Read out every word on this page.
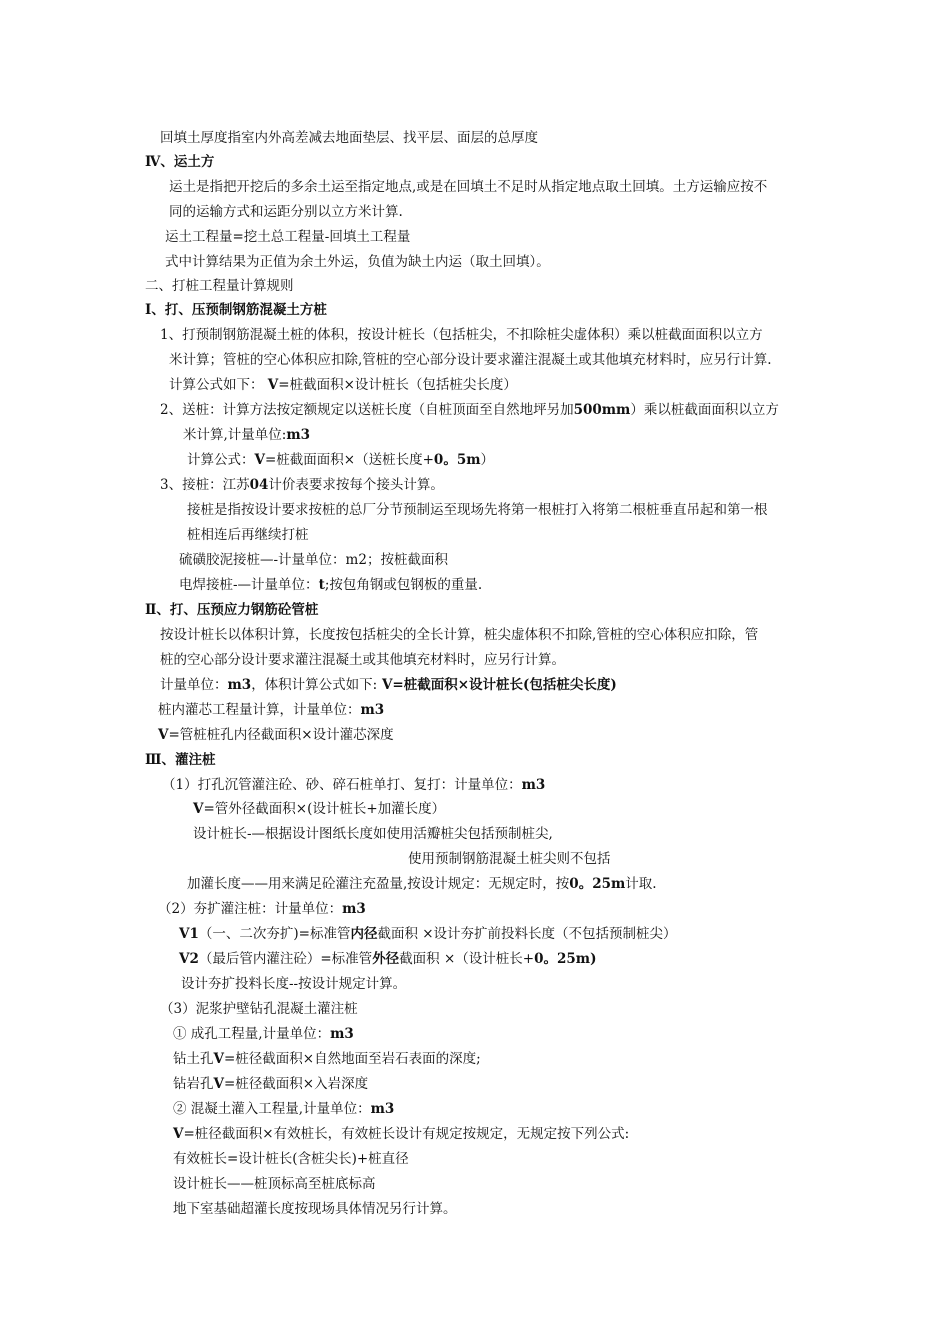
回填土厚度指室内外高差减去地面垫层、找平层、面层的总厚度
Ⅳ、运土方
运土是指把开挖后的多余土运至指定地点,或是在回填土不足时从指定地点取土回填。土方运输应按不
同的运输方式和运距分别以立方米计算.
运土工程量=挖土总工程量-回填土工程量
式中计算结果为正值为余土外运，负值为缺土内运（取土回填）。
二、打桩工程量计算规则
Ⅰ、打、压预制钢筋混凝土方桩
1、打预制钢筋混凝土桩的体积，按设计桩长（包括桩尖，不扣除桩尖虚体积）乘以桩截面面积以立方
米计算；管桩的空心体积应扣除,管桩的空心部分设计要求灌注混凝土或其他填充材料时，应另行计算.
计算公式如下： V=桩截面积×设计桩长（包括桩尖长度）
2、送桩：计算方法按定额规定以送桩长度（自桩顶面至自然地坪另加500mm）乘以桩截面面积以立方
米计算,计量单位:m3
计算公式：V=桩截面面积×（送桩长度+0。5m）
3、接桩：江苏04计价表要求按每个接头计算。
接桩是指按设计要求按桩的总厂分节预制运至现场先将第一根桩打入将第二根桩垂直吊起和第一根
桩相连后再继续打桩
硫磺胶泥接桩—-计量单位：m2；按桩截面积
电焊接桩-—计量单位：t;按包角钢或包钢板的重量.
Ⅱ、打、压预应力钢筋砼管桩
按设计桩长以体积计算，长度按包括桩尖的全长计算，桩尖虚体积不扣除,管桩的空心体积应扣除，管
桩的空心部分设计要求灌注混凝土或其他填充材料时，应另行计算。
计量单位：m3，体积计算公式如下: V=桩截面积×设计桩长(包括桩尖长度)
桩内灌芯工程量计算，计量单位：m3
V=管桩桩孔内径截面积×设计灌芯深度
Ⅲ、灌注桩
（1）打孔沉管灌注砼、砂、碎石桩单打、复打：计量单位：m3
V=管外径截面积×(设计桩长+加灌长度）
设计桩长-—根据设计图纸长度如使用活瓣桩尖包括预制桩尖,
使用预制钢筋混凝土桩尖则不包括
加灌长度——用来满足砼灌注充盈量,按设计规定：无规定时，按0。25m计取.
（2）夯扩灌注桩：计量单位：m3
V1（一、二次夯扩)=标准管内径截面积 ×设计夯扩前投料长度（不包括预制桩尖）
V2（最后管内灌注砼）=标准管外径截面积 ×（设计桩长+0。25m)
设计夯扩投料长度--按设计规定计算。
（3）泥浆护壁钻孔混凝土灌注桩
① 成孔工程量,计量单位：m3
钻土孔V=桩径截面积×自然地面至岩石表面的深度;
钻岩孔V=桩径截面积×入岩深度
② 混凝土灌入工程量,计量单位：m3
V=桩径截面积×有效桩长，有效桩长设计有规定按规定，无规定按下列公式:
有效桩长=设计桩长(含桩尖长)+桩直径
设计桩长——桩顶标高至桩底标高
地下室基础超灌长度按现场具体情况另行计算。
